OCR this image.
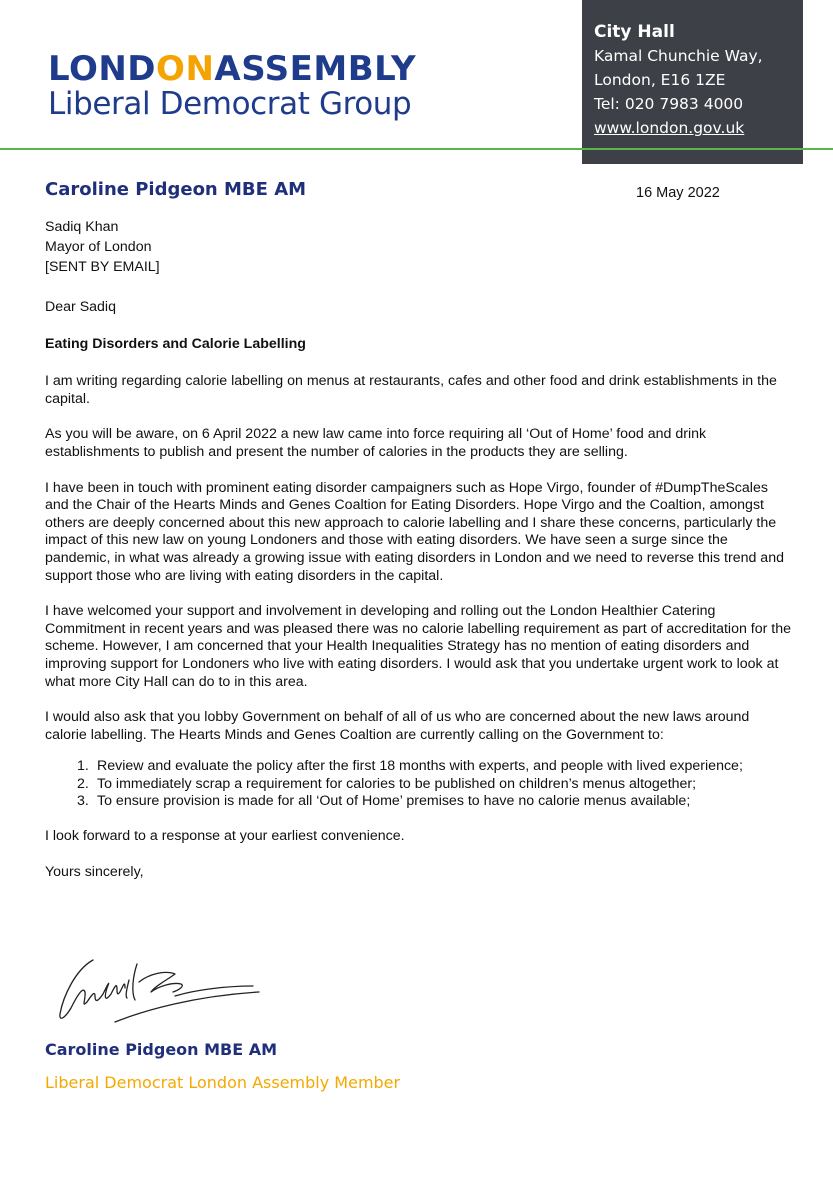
LONDONASSEMBLY
Liberal Democrat Group
City Hall
Kamal Chunchie Way,
London, E16 1ZE
Tel: 020 7983 4000
www.london.gov.uk
Caroline Pidgeon MBE AM	16 May 2022
Sadiq Khan
Mayor of London
[SENT BY EMAIL]

Dear Sadiq

Eating Disorders and Calorie Labelling

I am writing regarding calorie labelling on menus at restaurants, cafes and other food and drink establishments in the capital.

As you will be aware, on 6 April 2022 a new law came into force requiring all ‘Out of Home’ food and drink establishments to publish and present the number of calories in the products they are selling.

I have been in touch with prominent eating disorder campaigners such as Hope Virgo, founder of #DumpTheScales and the Chair of the Hearts Minds and Genes Coaltion for Eating Disorders. Hope Virgo and the Coaltion, amongst others are deeply concerned about this new approach to calorie labelling and I share these concerns, particularly the impact of this new law on young Londoners and those with eating disorders. We have seen a surge since the pandemic, in what was already a growing issue with eating disorders in London and we need to reverse this trend and support those who are living with eating disorders in the capital.

I have welcomed your support and involvement in developing and rolling out the London Healthier Catering Commitment in recent years and was pleased there was no calorie labelling requirement as part of accreditation for the scheme. However, I am concerned that your Health Inequalities Strategy has no mention of eating disorders and improving support for Londoners who live with eating disorders. I would ask that you undertake urgent work to look at what more City Hall can do to in this area.

I would also ask that you lobby Government on behalf of all of us who are concerned about the new laws around calorie labelling. The Hearts Minds and Genes Coaltion are currently calling on the Government to:

1. Review and evaluate the policy after the first 18 months with experts, and people with lived experience;
2. To immediately scrap a requirement for calories to be published on children’s menus altogether;
3. To ensure provision is made for all ‘Out of Home’ premises to have no calorie menus available;

I look forward to a response at your earliest convenience.

Yours sincerely,

Caroline Pidgeon MBE AM
Liberal Democrat London Assembly Member
